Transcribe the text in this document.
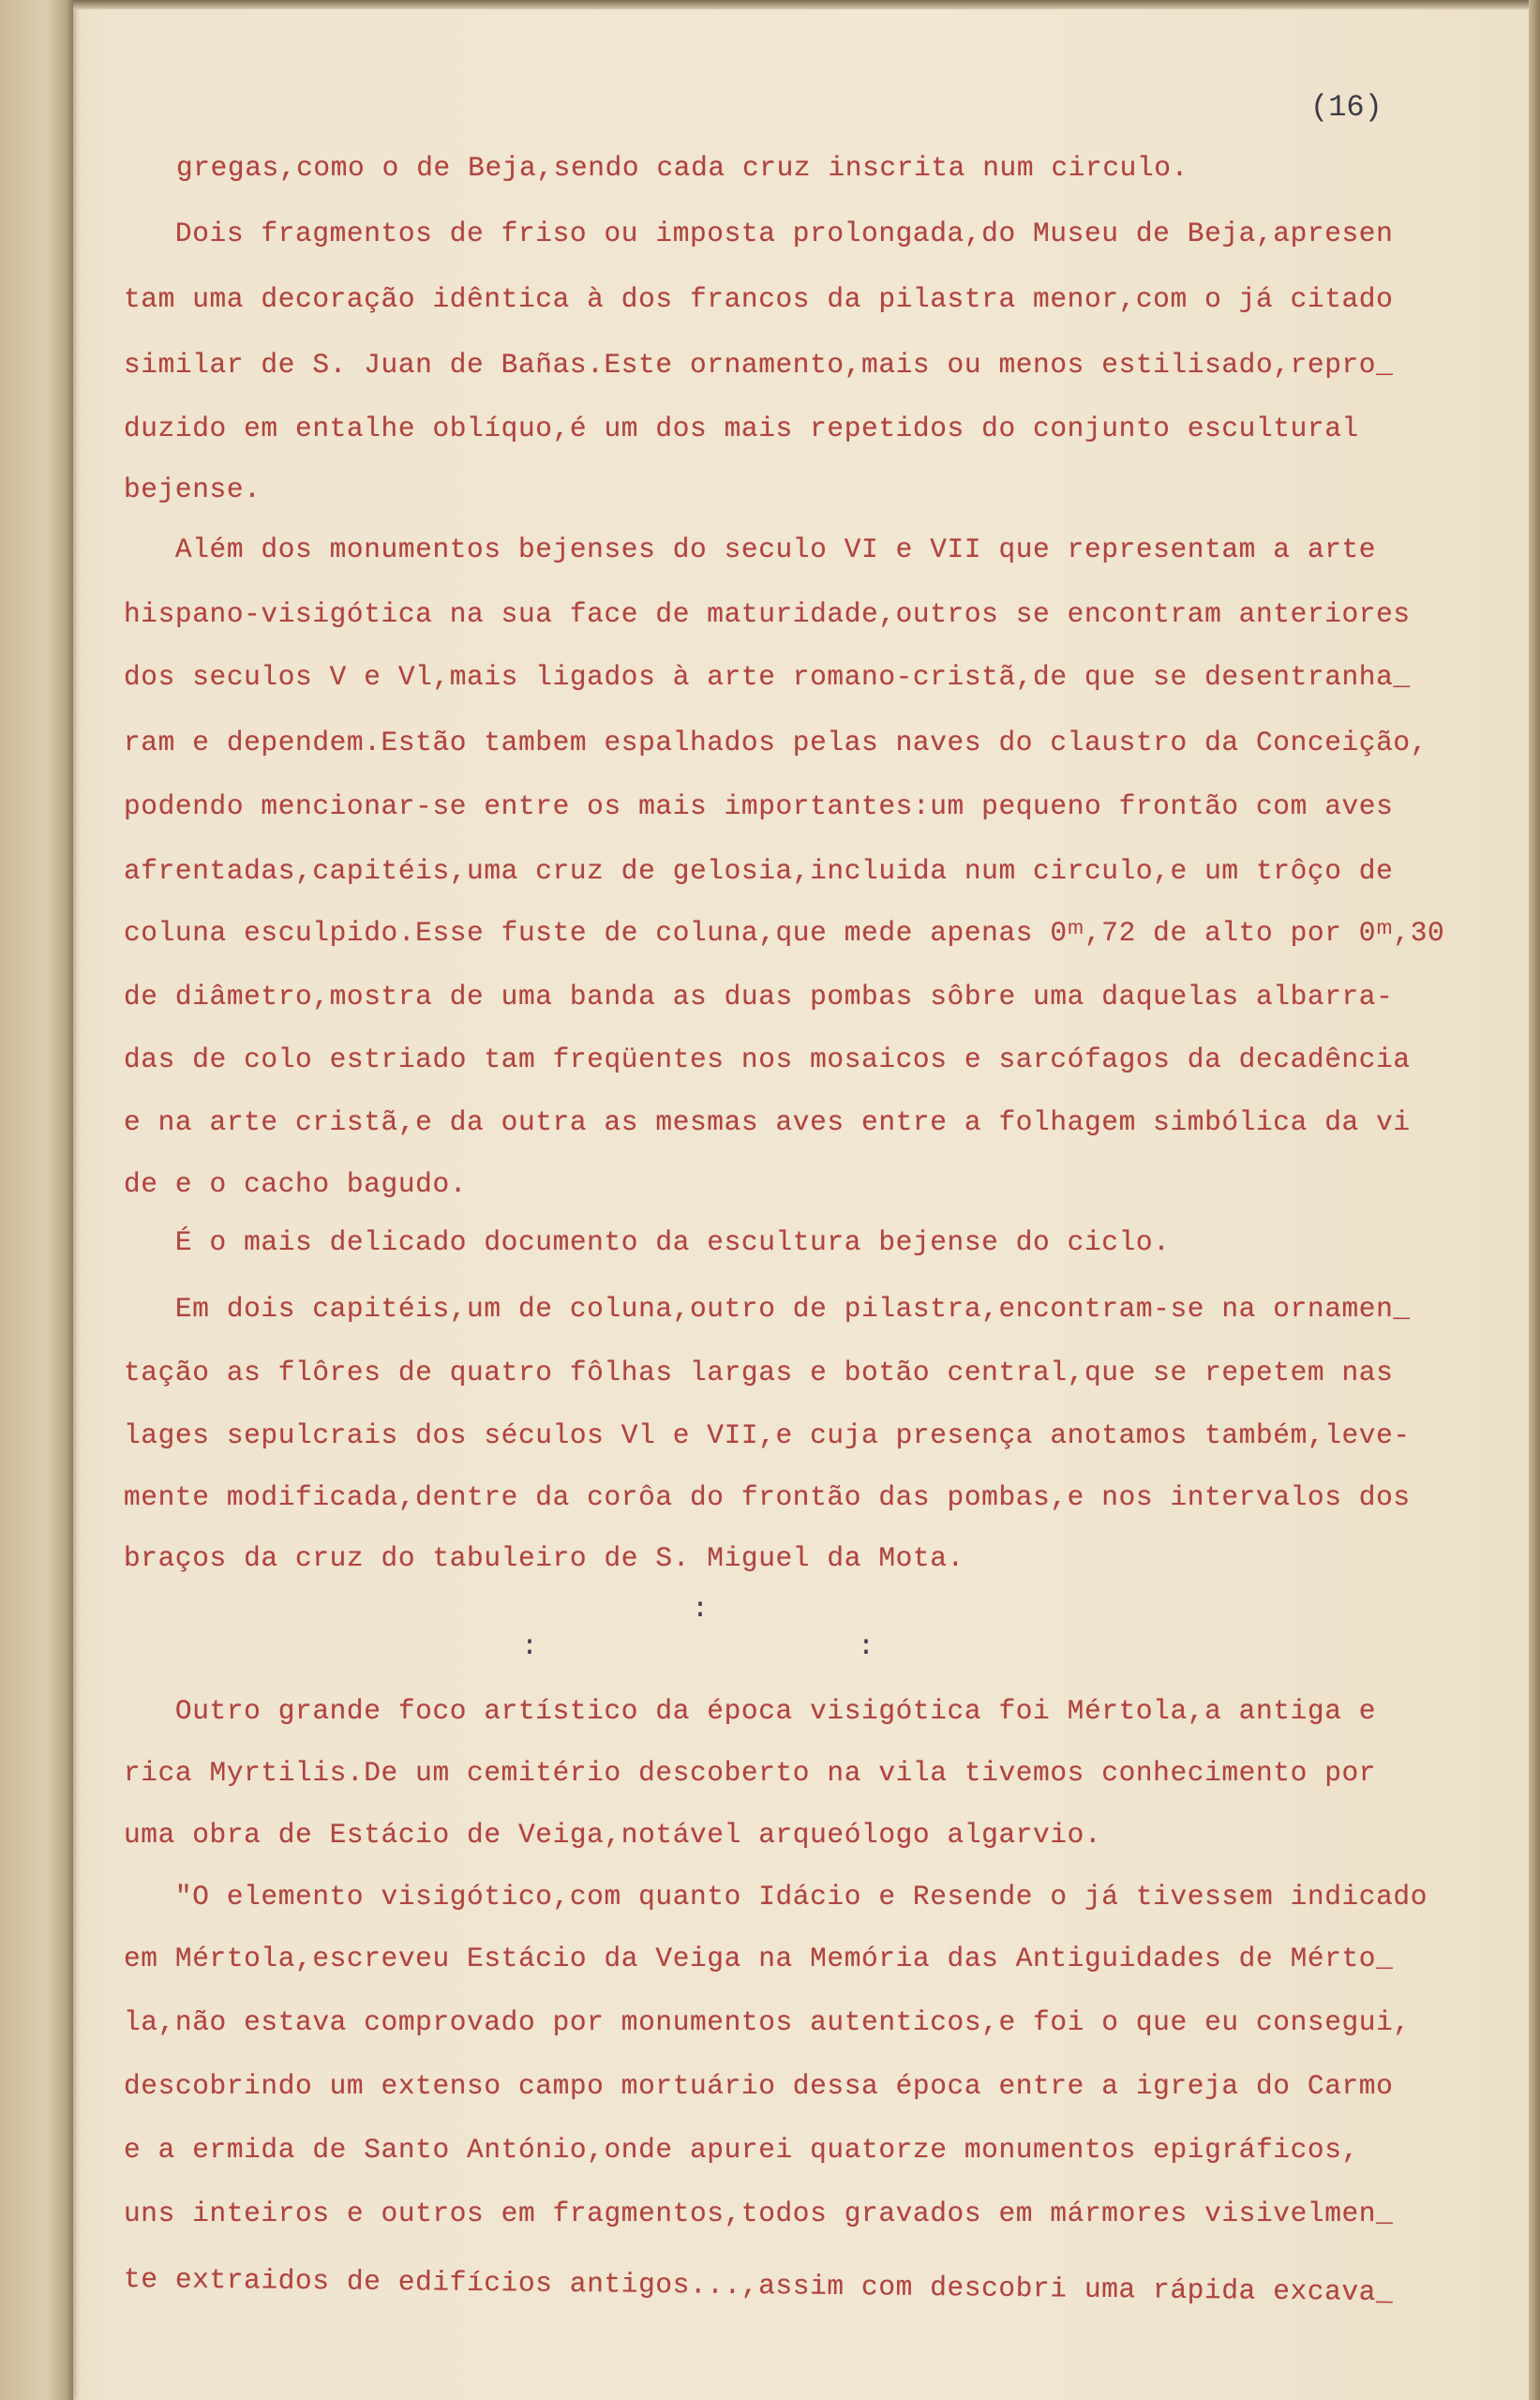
(16)
gregas,como o de Beja,sendo cada cruz inscrita num circulo.
Dois fragmentos de friso ou imposta prolongada,do Museu de Beja,apresen
tam uma decoração idêntica à dos francos da pilastra menor,com o já citado
similar de S. Juan de Bañas.Este ornamento,mais ou menos estilisado,repro_
duzido em entalhe oblíquo,é um dos mais repetidos do conjunto escultural
bejense.
Além dos monumentos bejenses do seculo VI e VII que representam a arte
hispano-visigótica na sua face de maturidade,outros se encontram anteriores
dos seculos V e Vl,mais ligados à arte romano-cristã,de que se desentranha_
ram e dependem.Estão tambem espalhados pelas naves do claustro da Conceição,
podendo mencionar-se entre os mais importantes:um pequeno frontão com aves
afrentadas,capitéis,uma cruz de gelosia,incluida num circulo,e um trôço de
coluna esculpido.Esse fuste de coluna,que mede apenas 0ᵐ,72 de alto por 0ᵐ,30
de diâmetro,mostra de uma banda as duas pombas sôbre uma daquelas albarra-
das de colo estriado tam freqüentes nos mosaicos e sarcófagos da decadência
e na arte cristã,e da outra as mesmas aves entre a folhagem simbólica da vi
de e o cacho bagudo.
É o mais delicado documento da escultura bejense do ciclo.
Em dois capitéis,um de coluna,outro de pilastra,encontram-se na ornamen_
tação as flôres de quatro fôlhas largas e botão central,que se repetem nas
lages sepulcrais dos séculos Vl e VII,e cuja presença anotamos também,leve-
mente modificada,dentre da corôa do frontão das pombas,e nos intervalos dos
braços da cruz do tabuleiro de S. Miguel da Mota.
:
:	:
Outro grande foco artístico da época visigótica foi Mértola,a antiga e
rica Myrtilis.De um cemitério descoberto na vila tivemos conhecimento por
uma obra de Estácio de Veiga,notável arqueólogo algarvio.
"O elemento visigótico,com quanto Idácio e Resende o já tivessem indicado
em Mértola,escreveu Estácio da Veiga na Memória das Antiguidades de Mérto_
la,não estava comprovado por monumentos autenticos,e foi o que eu consegui,
descobrindo um extenso campo mortuário dessa época entre a igreja do Carmo
e a ermida de Santo António,onde apurei quatorze monumentos epigráficos,
uns inteiros e outros em fragmentos,todos gravados em mármores visivelmen_
te extraidos de edifícios antigos...,assim com descobri uma rápida excava_
